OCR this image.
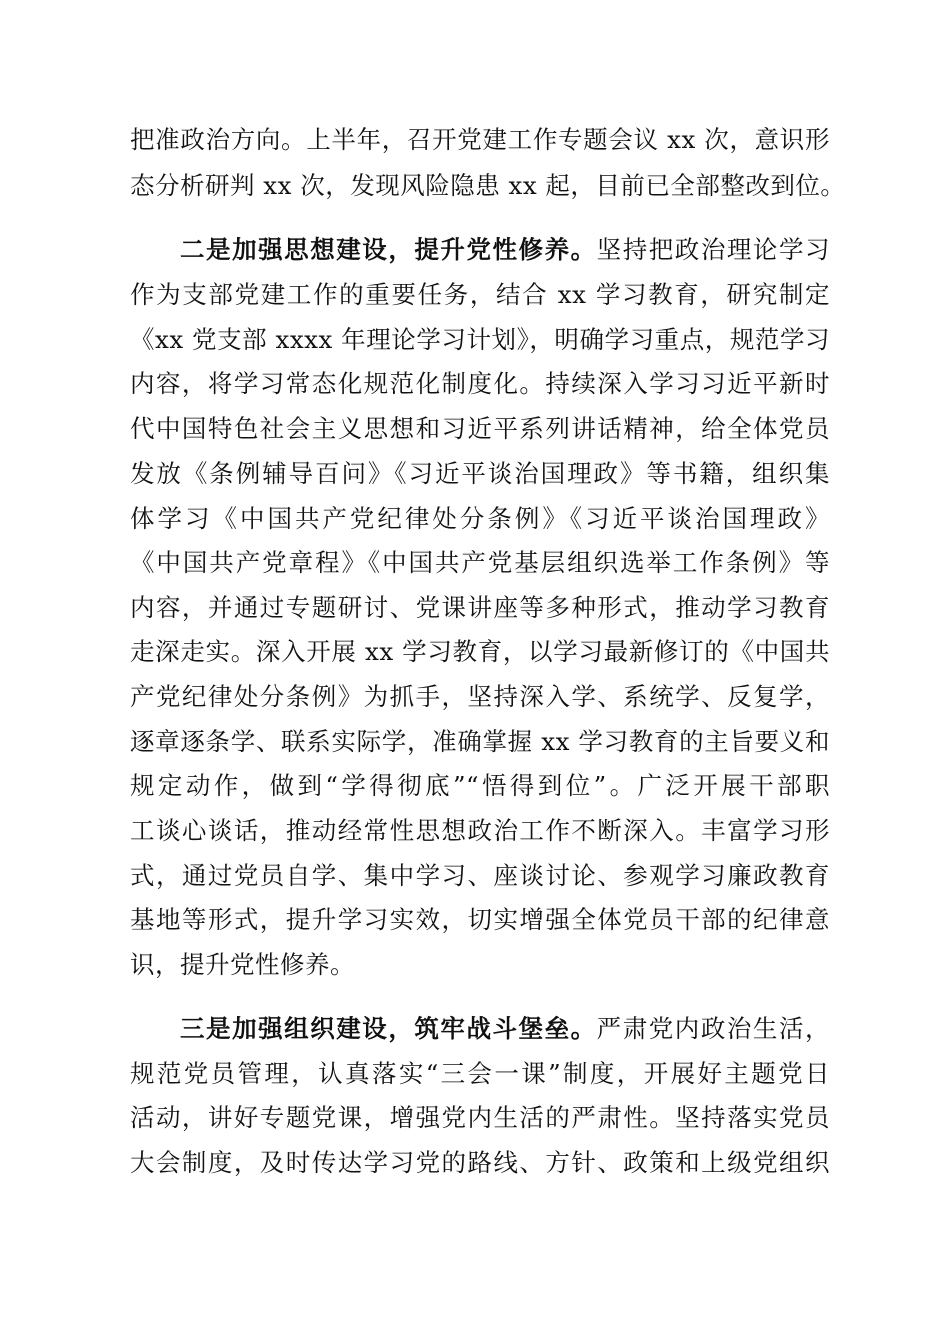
把准政治方向。上半年，召开党建工作专题会议 xx 次，意识形
态分析研判 xx 次，发现风险隐患 xx 起，目前已全部整改到位。
二是加强思想建设，提升党性修养。坚持把政治理论学习
作为支部党建工作的重要任务，结合 xx 学习教育，研究制定
《xx 党支部 xxxx 年理论学习计划》，明确学习重点，规范学习
内容，将学习常态化规范化制度化。持续深入学习习近平新时
代中国特色社会主义思想和习近平系列讲话精神，给全体党员
发放《条例辅导百问》《习近平谈治国理政》等书籍，组织集
体学习《中国共产党纪律处分条例》《习近平谈治国理政》
《中国共产党章程》《中国共产党基层组织选举工作条例》等
内容，并通过专题研讨、党课讲座等多种形式，推动学习教育
走深走实。深入开展 xx 学习教育，以学习最新修订的《中国共
产党纪律处分条例》为抓手，坚持深入学、系统学、反复学，
逐章逐条学、联系实际学，准确掌握 xx 学习教育的主旨要义和
规定动作，做到“学得彻底”“悟得到位”。广泛开展干部职
工谈心谈话，推动经常性思想政治工作不断深入。丰富学习形
式，通过党员自学、集中学习、座谈讨论、参观学习廉政教育
基地等形式，提升学习实效，切实增强全体党员干部的纪律意
识，提升党性修养。
三是加强组织建设，筑牢战斗堡垒。严肃党内政治生活，
规范党员管理，认真落实“三会一课”制度，开展好主题党日
活动，讲好专题党课，增强党内生活的严肃性。坚持落实党员
大会制度，及时传达学习党的路线、方针、政策和上级党组织
